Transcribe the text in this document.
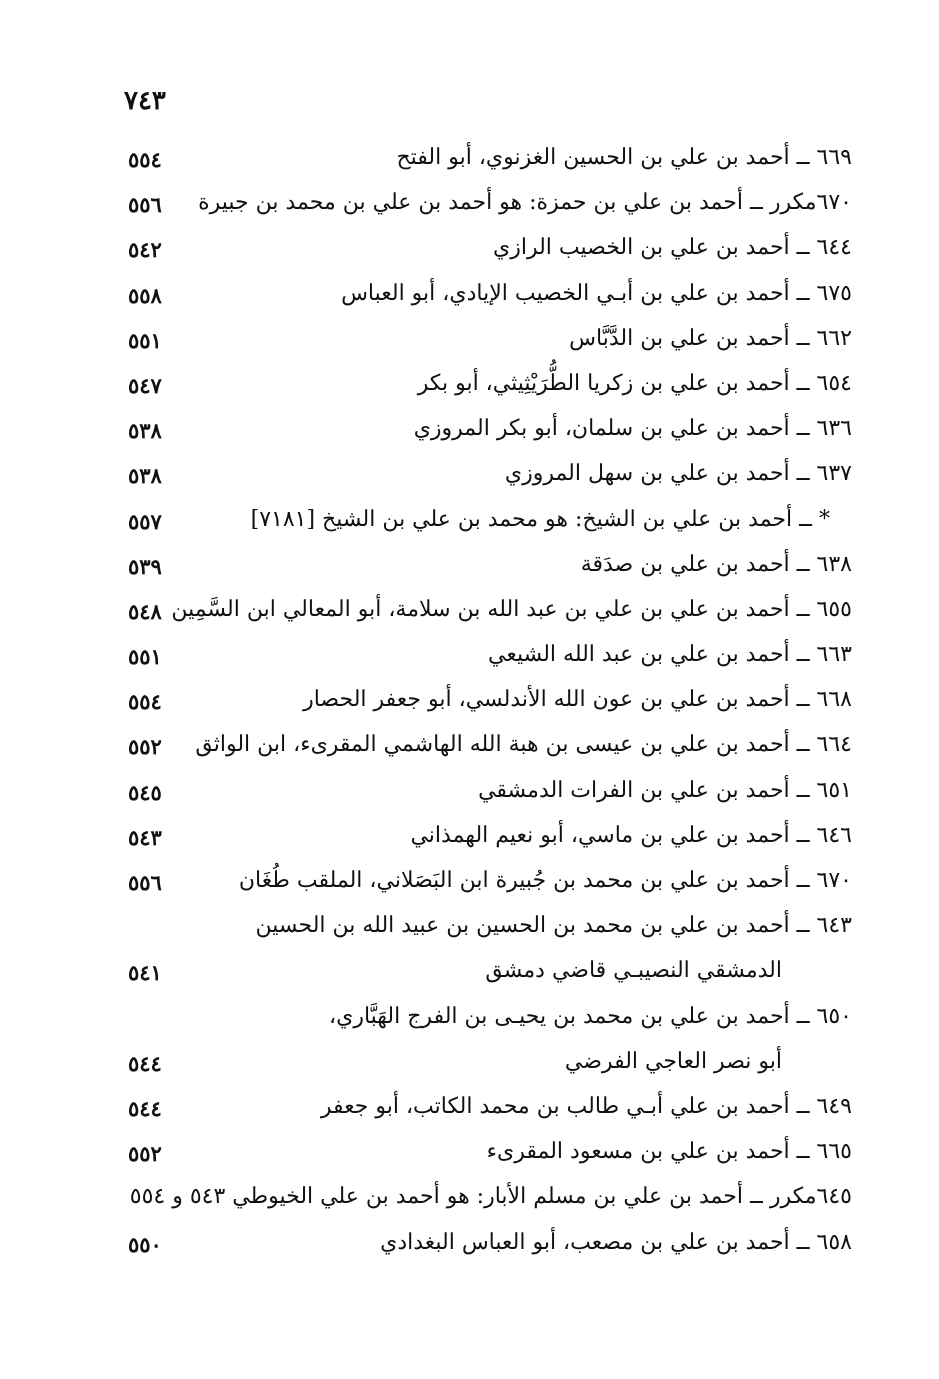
٧٤٣
٦٦٩ ــ أحمد بن علي بن الحسين الغزنوي، أبو الفتح
٥٥٤
٦٧٠مكرر ــ أحمد بن علي بن حمزة: هو أحمد بن علي بن محمد بن جبيرة
٥٥٦
٦٤٤ ــ أحمد بن علي بن الخصيب الرازي
٥٤٢
٦٧٥ ــ أحمد بن علي بن أبـي الخصيب الإيادي، أبو العباس
٥٥٨
٦٦٢ ــ أحمد بن علي بن الدَّبَّاس
٥٥١
٦٥٤ ــ أحمد بن علي بن زكريا الطُّرَيْثِيثي، أبو بكر
٥٤٧
٦٣٦ ــ أحمد بن علي بن سلمان، أبو بكر المروزي
٥٣٨
٦٣٧ ــ أحمد بن علي بن سهل المروزي
٥٣٨
* ــ أحمد بن علي بن الشيخ: هو محمد بن علي بن الشيخ [٧١٨١]
٥٥٧
٦٣٨ ــ أحمد بن علي بن صدَقة
٥٣٩
٦٥٥ ــ أحمد بن علي بن علي بن عبد الله بن سلامة، أبو المعالي ابن السَّمِين
٥٤٨
٦٦٣ ــ أحمد بن علي بن عبد الله الشيعي
٥٥١
٦٦٨ ــ أحمد بن علي بن عون الله الأندلسي، أبو جعفر الحصار
٥٥٤
٦٦٤ ــ أحمد بن علي بن عيسى بن هبة الله الهاشمي المقرىء، ابن الواثق
٥٥٢
٦٥١ ــ أحمد بن علي بن الفرات الدمشقي
٥٤٥
٦٤٦ ــ أحمد بن علي بن ماسي، أبو نعيم الهمذاني
٥٤٣
٦٧٠ ــ أحمد بن علي بن محمد بن جُبيرة ابن البَصَلاني، الملقب طُغَان
٥٥٦
٦٤٣ ــ أحمد بن علي بن محمد بن الحسين بن عبيد الله بن الحسين
الدمشقي النصيبـي قاضي دمشق
٥٤١
٦٥٠ ــ أحمد بن علي بن محمد بن يحيـى بن الفرج الهَبَّاري،
أبو نصر العاجي الفرضي
٥٤٤
٦٤٩ ــ أحمد بن علي أبـي طالب بن محمد الكاتب، أبو جعفر
٥٤٤
٦٦٥ ــ أحمد بن علي بن مسعود المقرىء
٥٥٢
٦٤٥مكرر ــ أحمد بن علي بن مسلم الأبار: هو أحمد بن علي الخيوطي ٥٤٣ و ٥٥٤
٦٥٨ ــ أحمد بن علي بن مصعب، أبو العباس البغدادي
٥٥٠
